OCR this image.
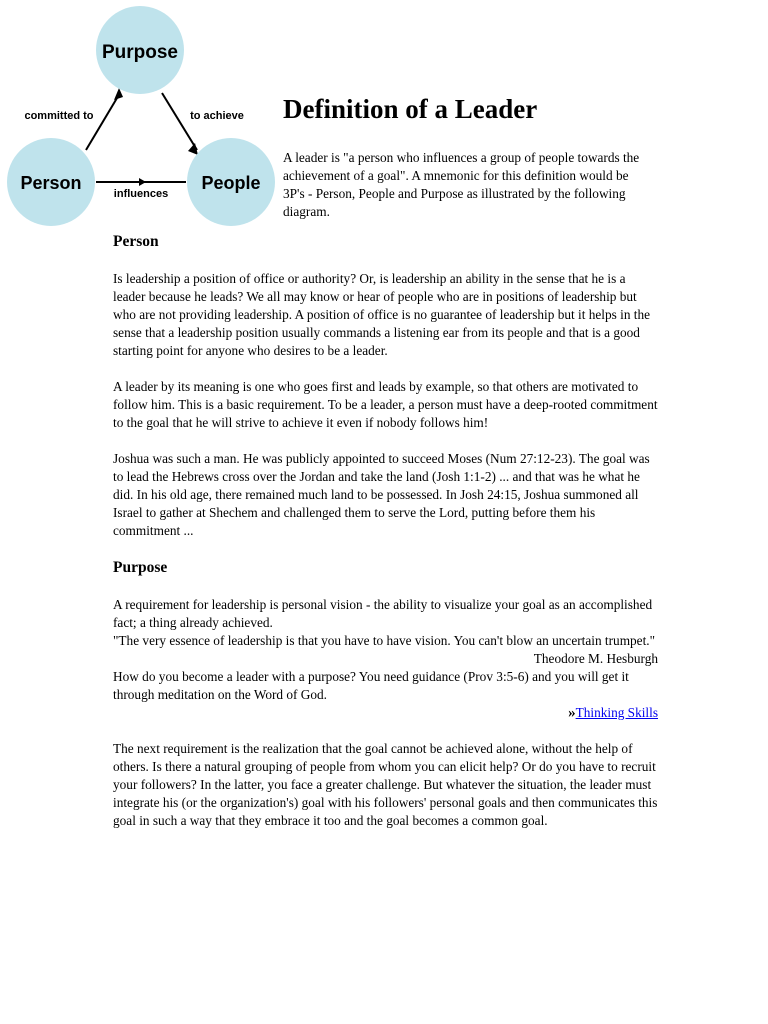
Purpose
Person	People
committed to	to achieve
influences
Definition of a Leader

A leader is "a person who influences a group of people towards the achievement of a goal". A mnemonic for this definition would be 3P's - Person, People and Purpose as illustrated by the following diagram.

Person

Is leadership a position of office or authority? Or, is leadership an ability in the sense that he is a leader because he leads? We all may know or hear of people who are in positions of leadership but who are not providing leadership. A position of office is no guarantee of leadership but it helps in the sense that a leadership position usually commands a listening ear from its people and that is a good starting point for anyone who desires to be a leader.

A leader by its meaning is one who goes first and leads by example, so that others are motivated to follow him. This is a basic requirement. To be a leader, a person must have a deep-rooted commitment to the goal that he will strive to achieve it even if nobody follows him!

Joshua was such a man. He was publicly appointed to succeed Moses (Num 27:12-23). The goal was to lead the Hebrews cross over the Jordan and take the land (Josh 1:1-2) ... and that was he what he did. In his old age, there remained much land to be possessed. In Josh 24:15, Joshua summoned all Israel to gather at Shechem and challenged them to serve the Lord, putting before them his commitment ...

Purpose

A requirement for leadership is personal vision - the ability to visualize your goal as an accomplished fact; a thing already achieved.

"The very essence of leadership is that you have to have vision. You can't blow an uncertain trumpet."

Theodore M. Hesburgh

How do you become a leader with a purpose? You need guidance (Prov 3:5-6) and you will get it through meditation on the Word of God.

»Thinking Skills

The next requirement is the realization that the goal cannot be achieved alone, without the help of others. Is there a natural grouping of people from whom you can elicit help? Or do you have to recruit your followers? In the latter, you face a greater challenge. But whatever the situation, the leader must integrate his (or the organization's) goal with his followers' personal goals and then communicates this goal in such a way that they embrace it too and the goal becomes a common goal.
